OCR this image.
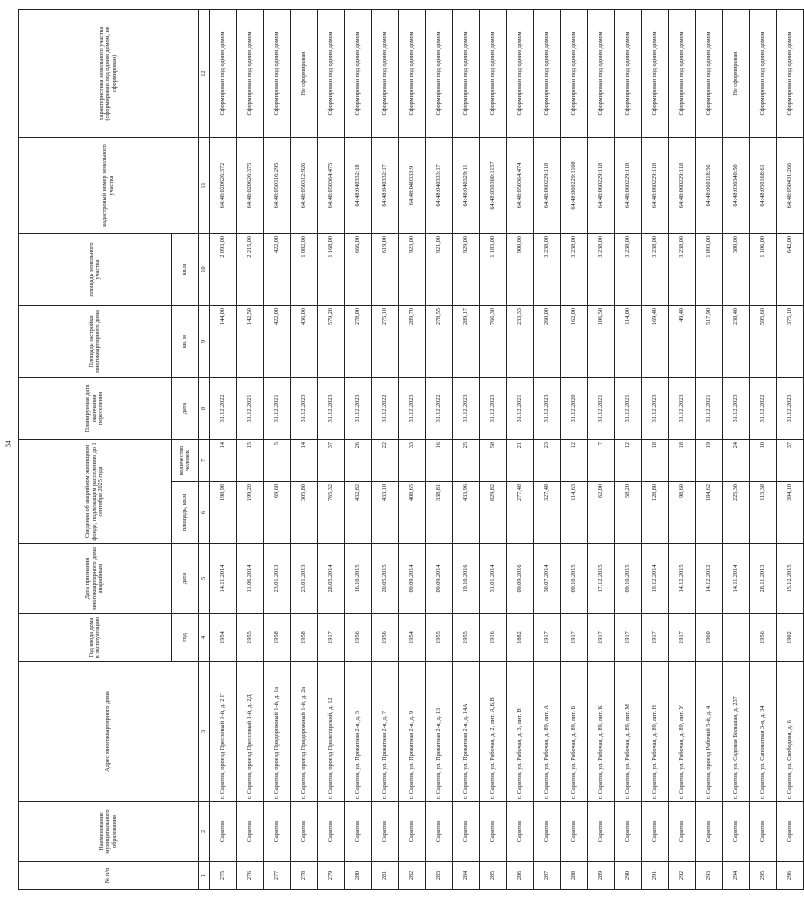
34
№ п/п	Наименование муниципального образования	Адрес многоквартирного дома	Год ввода дома в эксплуатацию	Дата признания многоквартирного дома аварийным	Сведения об аварийном жилищном фонде, подлежащем расселению до 1 сентября 2025 года		Планируемая дата окончания переселения	Площадь застройки многоквартирного дома	площадь земельного участка	кадастровый номер земельного участка	характеристика земельного участка (сформирован под одним домом, не сформирован)
			год	дата	площадь, кв.м	количество человек	дата	кв. м	кв.м		
1	2	3	4	5	6	7	8	9	10	11	12
275	Саратов	г. Саратов, проезд Пресзовый 1-й, д. 2 Г	1954	14.11.2014	198,98	14	31.12.2022	144,00	2 093,00	64:48:020626:372	Сформирован под одним домом
276	Саратов	г. Саратов, проезд Прессовый 1-й, д. 2Д	1955	11.06.2014	199,20	15	31.12.2021	142,50	2 215,00	64:48:020626:375	Сформирован под одним домом
277	Саратов	г. Саратов, проезд Придорожный 1-й, д. 1а	1958	23.01.2013	69,60	5	31.12.2021	422,00	422,00	64:48:050316:295	Сформирован под одним домом
278	Саратов	г. Саратов, проезд Придорожный 1-й, д. 2а	1958	23.01.2013	305,80	14	31.12.2023	436,00	1 082,00	64:48:050312:926	Не сформирован
279	Саратов	г. Саратов, проезд Пролетарский, д. 12	1917	28.05.2014	765,32	37	31.12.2023	579,20	1 168,00	64:48:050364:475	Сформирован под одним домом
280	Саратов	г. Саратов, ул. Прокатная 2-я, д. 3	1956	16.10.2015	432,82	26	31.12.2023	278,00	666,00	64:48:040332:18	Сформирован под одним домом
281	Саратов	г. Саратов, ул. Прокатная 2-я, д. 7	1956	20.05.2015	433,10	22	31.12.2022	275,10	619,00	64:48:040332:17	Сформирован под одним домом
282	Саратов	г. Саратов, ул. Прокатная 2-я, д. 9	1954	09.09.2014	408,65	33	31.12.2023	289,70	923,00	64:48:040333:9	Сформирован под одним домом
283	Саратов	г. Саратов, ул. Прокатная 2-я, д. 13	1955	09.09.2014	338,81	16	31.12.2022	278,55	921,00	64:48:040333:17	Сформирован под одним домом
284	Саратов	г. Саратов, ул. Прокатная 2-я, д. 14А	1955	19.10.2016	433,96	25	31.12.2023	289,17	929,00	64:48:040329:11	Сформирован под одним домом
285	Саратов	г. Саратов, ул. Рабочая, д. 2, лит. А,Б,В	1916	31.01.2014	829,82	58	31.12.2023	766,30	1 183,00	64:48:050360:1157	Сформирован под одним домом
286	Саратов	г. Саратов, ул. Рабочая, д. 3, лит. В	1882	09.09.2016	277,48	21	31.12.2021	233,33	900,00	64:48:050364:474	Сформирован под одним домом
287	Саратов	г. Саратов, ул. Рабочая, д. 89, лит. А	1917	30.07.2014	327,48	23	31.12.2023	260,00	3 238,00	64:48:060229:118	Сформирован под одним домом
288	Саратов	г. Саратов, ул. Рабочая, д. 89, лит. Б	1917	09.10.2015	114,63	12	31.12.2020	162,00	3 238,00	64:48:060229:1108	Сформирован под одним домом
289	Саратов	г. Саратов, ул. Рабочая, д. 89, лит. К	1917	17.12.2015	62,00	7	31.12.2021	106,50	3 238,00	64:48:060229:118	Сформирован под одним домом
290	Саратов	г. Саратов, ул. Рабочая, д. 89, лит. М	1917	09.10.2015	58,20	12	31.12.2021	114,00	3 238,00	64:48:060229:118	Сформирован под одним домом
291	Саратов	г. Саратов, ул. Рабочая, д. 89, лит. Н	1917	19.12.2014	128,80	18	31.12.2023	169,40	3 238,00	64:48:060229:118	Сформирован под одним домом
292	Саратов	г. Саратов, ул. Рабочая, д. 89, лит. У	1917	14.12.2015	98,60	18	31.12.2023	49,40	3 238,00	64:48:060229:118	Сформирован под одним домом
293	Саратов	г. Саратов, проезд Рабочий 5-й, д. 4	1960	14.12.2012	184,62	19	31.12.2021	517,90	1 093,00	64:48:060118:56	Сформирован под одним домом
294	Саратов	г. Саратов, ул. Садовая Большая, д. 237		14.11.2014	225,30	24	31.12.2023	238,40	380,00	64:48:030340:50	Не сформирован
295	Саратов	г. Саратов, ул. Саповатная 3-я, д. 34	1956	28.11.2013	113,38	10	31.12.2022	595,60	1 106,00	64:48:050168:61	Сформирован под одним домом
296	Саратов	г. Саратов, ул. Свободная, д. 6	1902	15.12.2015	394,10	37	31.12.2023	375,10	642,00	64:48:050431:266	Сформирован под одним домом
